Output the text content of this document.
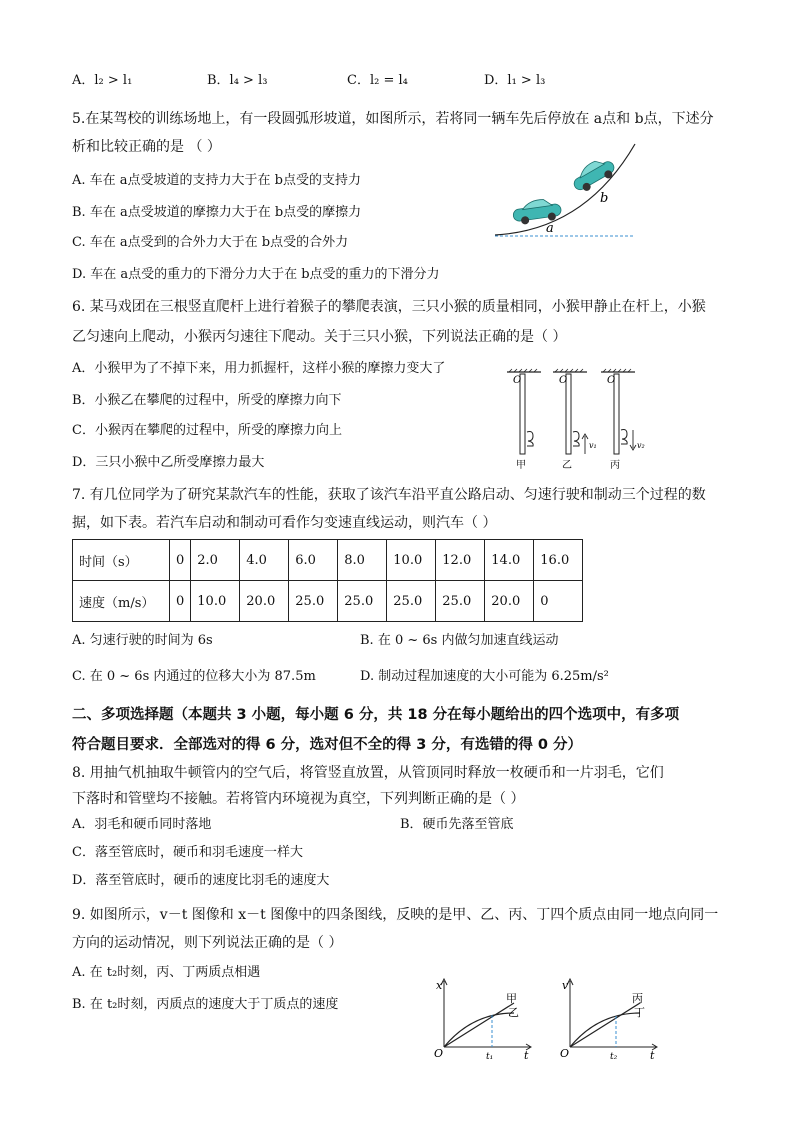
A．l₂ > l₁	B．l₄ > l₃	C．l₂ = l₄	D．l₁ > l₃
5.在某驾校的训练场地上，有一段圆弧形坡道，如图所示，若将同一辆车先后停放在 a点和 b点，下述分
析和比较正确的是 （ ）
A. 车在 a点受坡道的支持力大于在 b点受的支持力
B. 车在 a点受坡道的摩擦力大于在 b点受的摩擦力
C. 车在 a点受到的合外力大于在 b点受的合外力
D. 车在 a点受的重力的下滑分力大于在 b点受的重力的下滑分力
a
b
6. 某马戏团在三根竖直爬杆上进行着猴子的攀爬表演，三只小猴的质量相同，小猴甲静止在杆上，小猴
乙匀速向上爬动，小猴丙匀速往下爬动。关于三只小猴，下列说法正确的是（ ）
A．小猴甲为了不掉下来，用力抓握杆，这样小猴的摩擦力变大了
B．小猴乙在攀爬的过程中，所受的摩擦力向下
C．小猴丙在攀爬的过程中，所受的摩擦力向上
D．三只小猴中乙所受摩擦力最大
O
甲
O
v₁
乙
O
v₂
丙
7. 有几位同学为了研究某款汽车的性能，获取了该汽车沿平直公路启动、匀速行驶和制动三个过程的数
据，如下表。若汽车启动和制动可看作匀变速直线运动，则汽车（ ）
时间（s）	0	2.0	4.0	6.0	8.0	10.0	12.0	14.0	16.0
速度（m/s）	0	10.0	20.0	25.0	25.0	25.0	25.0	20.0	0
A. 匀速行驶的时间为 6s	B. 在 0 ~ 6s 内做匀加速直线运动
C. 在 0 ~ 6s 内通过的位移大小为 87.5m	D. 制动过程加速度的大小可能为 6.25m/s²
二、多项选择题（本题共 3 小题，每小题 6 分，共 18 分在每小题给出的四个选项中，有多项
符合题目要求．全部选对的得 6 分，选对但不全的得 3 分，有选错的得 0 分）
8. 用抽气机抽取牛顿管内的空气后，将管竖直放置，从管顶同时释放一枚硬币和一片羽毛，它们
下落时和管壁均不接触。若将管内环境视为真空，下列判断正确的是（ ）
A．羽毛和硬币同时落地	B．硬币先落至管底
C．落至管底时，硬币和羽毛速度一样大
D．落至管底时，硬币的速度比羽毛的速度大
9. 如图所示，v－t 图像和 x－t 图像中的四条图线，反映的是甲、乙、丙、丁四个质点由同一地点向同一
方向的运动情况，则下列说法正确的是（ ）
A. 在 t₂时刻，丙、丁两质点相遇
B. 在 t₂时刻，丙质点的速度大于丁质点的速度
x
O	t
t₁
甲
乙
v
O	t
t₂
丙
丁
